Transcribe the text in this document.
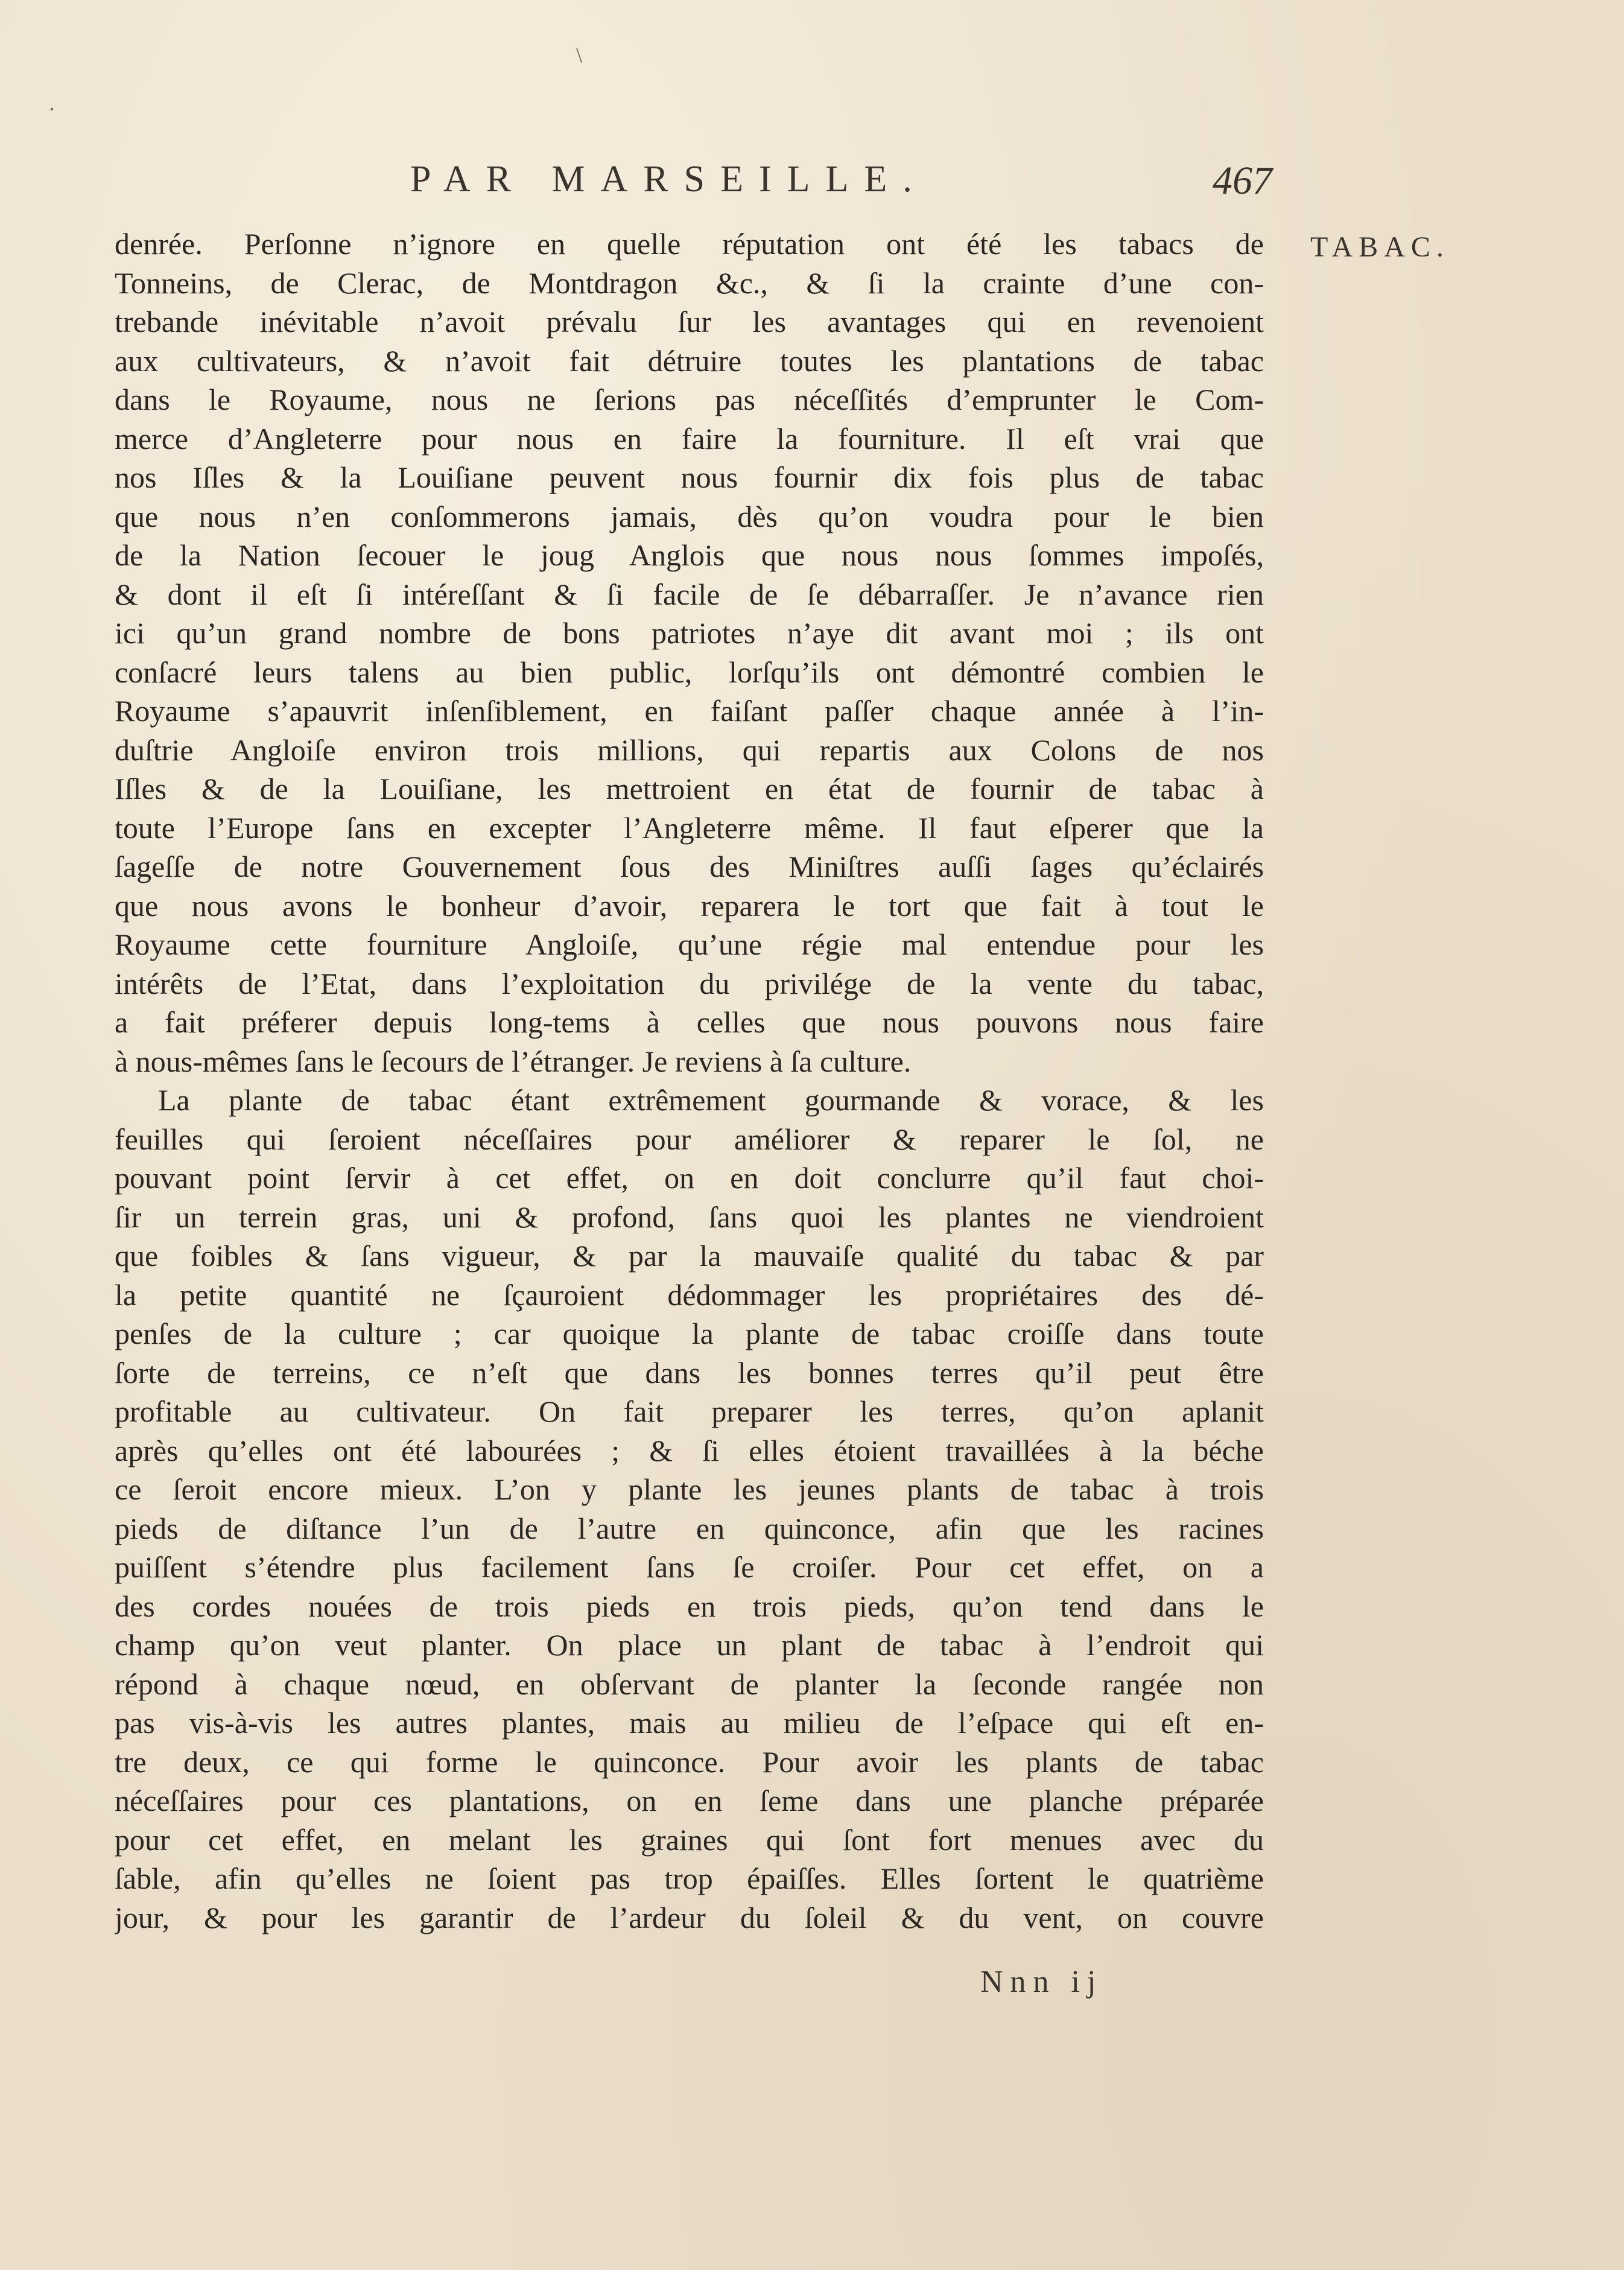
\
·
PAR MARSEILLE.	467
TABAC.
denrée. Perſonne n’ignore en quelle réputation ont été les tabacs de
Tonneins, de Clerac, de Montdragon &c., & ſi la crainte d’une con-
trebande inévitable n’avoit prévalu ſur les avantages qui en revenoient
aux cultivateurs, & n’avoit fait détruire toutes les plantations de tabac
dans le Royaume, nous ne ſerions pas néceſſités d’emprunter le Com-
merce d’Angleterre pour nous en faire la fourniture. Il eſt vrai que
nos Iſles & la Louiſiane peuvent nous fournir dix fois plus de tabac
que nous n’en conſommerons jamais, dès qu’on voudra pour le bien
de la Nation ſecouer le joug Anglois que nous nous ſommes impoſés,
& dont il eſt ſi intéreſſant & ſi facile de ſe débarraſſer. Je n’avance rien
ici qu’un grand nombre de bons patriotes n’aye dit avant moi ; ils ont
conſacré leurs talens au bien public, lorſqu’ils ont démontré combien le
Royaume s’apauvrit inſenſiblement, en faiſant paſſer chaque année à l’in-
duſtrie Angloiſe environ trois millions, qui repartis aux Colons de nos
Iſles & de la Louiſiane, les mettroient en état de fournir de tabac à
toute l’Europe ſans en excepter l’Angleterre même. Il faut eſperer que la
ſageſſe de notre Gouvernement ſous des Miniſtres auſſi ſages qu’éclairés
que nous avons le bonheur d’avoir, reparera le tort que fait à tout le
Royaume cette fourniture Angloiſe, qu’une régie mal entendue pour les
intérêts de l’Etat, dans l’exploitation du privilége de la vente du tabac,
a fait préferer depuis long-tems à celles que nous pouvons nous faire
à nous-mêmes ſans le ſecours de l’étranger. Je reviens à ſa culture.
La plante de tabac étant extrêmement gourmande & vorace, & les
feuilles qui ſeroient néceſſaires pour améliorer & reparer le ſol, ne
pouvant point ſervir à cet effet, on en doit conclurre qu’il faut choi-
ſir un terrein gras, uni & profond, ſans quoi les plantes ne viendroient
que foibles & ſans vigueur, & par la mauvaiſe qualité du tabac & par
la petite quantité ne ſçauroient dédommager les propriétaires des dé-
penſes de la culture ; car quoique la plante de tabac croiſſe dans toute
ſorte de terreins, ce n’eſt que dans les bonnes terres qu’il peut être
profitable au cultivateur. On fait preparer les terres, qu’on aplanit
après qu’elles ont été labourées ; & ſi elles étoient travaillées à la béche
ce ſeroit encore mieux. L’on y plante les jeunes plants de tabac à trois
pieds de diſtance l’un de l’autre en quinconce, afin que les racines
puiſſent s’étendre plus facilement ſans ſe croiſer. Pour cet effet, on a
des cordes nouées de trois pieds en trois pieds, qu’on tend dans le
champ qu’on veut planter. On place un plant de tabac à l’endroit qui
répond à chaque nœud, en obſervant de planter la ſeconde rangée non
pas vis-à-vis les autres plantes, mais au milieu de l’eſpace qui eſt en-
tre deux, ce qui forme le quinconce. Pour avoir les plants de tabac
néceſſaires pour ces plantations, on en ſeme dans une planche préparée
pour cet effet, en melant les graines qui ſont fort menues avec du
ſable, afin qu’elles ne ſoient pas trop épaiſſes. Elles ſortent le quatrième
jour, & pour les garantir de l’ardeur du ſoleil & du vent, on couvre
Nnn ij
